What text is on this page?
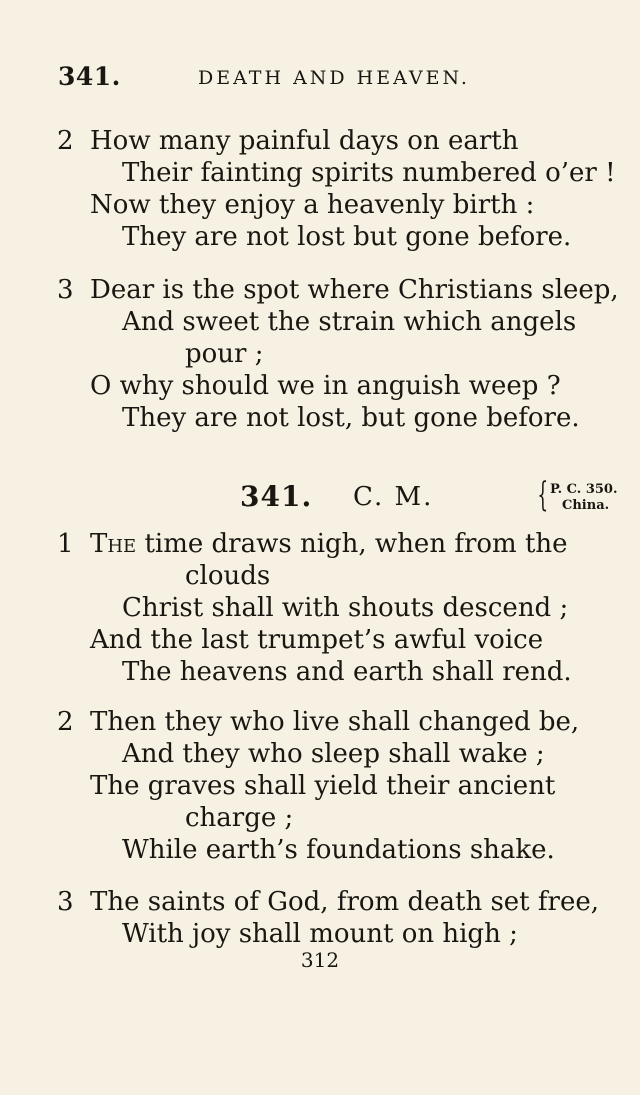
341.	DEATH AND HEAVEN.
2 How many painful days on earth
Their fainting spirits numbered o’er !
Now they enjoy a heavenly birth :
They are not lost but gone before.
3 Dear is the spot where Christians sleep,
And sweet the strain which angels
pour ;
O why should we in anguish weep ?
They are not lost, but gone before.
341. C. M.	{ P. C. 350.
China.
1 The time draws nigh, when from the
clouds
Christ shall with shouts descend ;
And the last trumpet’s awful voice
The heavens and earth shall rend.
2 Then they who live shall changed be,
And they who sleep shall wake ;
The graves shall yield their ancient
charge ;
While earth’s foundations shake.
3 The saints of God, from death set free,
With joy shall mount on high ;
312
